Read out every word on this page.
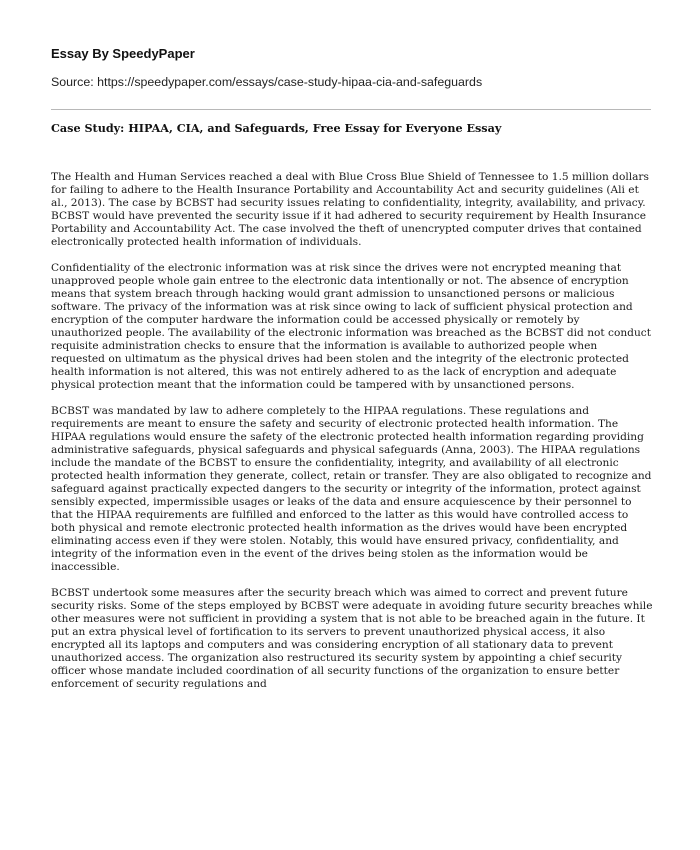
Essay By SpeedyPaper
Source: https://speedypaper.com/essays/case-study-hipaa-cia-and-safeguards
Case Study: HIPAA, CIA, and Safeguards, Free Essay for Everyone Essay

The Health and Human Services reached a deal with Blue Cross Blue Shield of Tennessee to 1.5 million dollars for failing to adhere to the Health Insurance Portability and Accountability Act and security guidelines (Ali et al., 2013). The case by BCBST had security issues relating to confidentiality, integrity, availability, and privacy. BCBST would have prevented the security issue if it had adhered to security requirement by Health Insurance Portability and Accountability Act. The case involved the theft of unencrypted computer drives that contained electronically protected health information of individuals.

Confidentiality of the electronic information was at risk since the drives were not encrypted meaning that unapproved people whole gain entree to the electronic data intentionally or not. The absence of encryption means that system breach through hacking would grant admission to unsanctioned persons or malicious software. The privacy of the information was at risk since owing to lack of sufficient physical protection and encryption of the computer hardware the information could be accessed physically or remotely by unauthorized people. The availability of the electronic information was breached as the BCBST did not conduct requisite administration checks to ensure that the information is available to authorized people when requested on ultimatum as the physical drives had been stolen and the integrity of the electronic protected health information is not altered, this was not entirely adhered to as the lack of encryption and adequate physical protection meant that the information could be tampered with by unsanctioned persons.

BCBST was mandated by law to adhere completely to the HIPAA regulations. These regulations and requirements are meant to ensure the safety and security of electronic protected health information. The HIPAA regulations would ensure the safety of the electronic protected health information regarding providing administrative safeguards, physical safeguards and physical safeguards (Anna, 2003). The HIPAA regulations include the mandate of the BCBST to ensure the confidentiality, integrity, and availability of all electronic protected health information they generate, collect, retain or transfer. They are also obligated to recognize and safeguard against practically expected dangers to the security or integrity of the information, protect against sensibly expected, impermissible usages or leaks of the data and ensure acquiescence by their personnel to that the HIPAA requirements are fulfilled and enforced to the latter as this would have controlled access to both physical and remote electronic protected health information as the drives would have been encrypted eliminating access even if they were stolen. Notably, this would have ensured privacy, confidentiality, and integrity of the information even in the event of the drives being stolen as the information would be inaccessible.

BCBST undertook some measures after the security breach which was aimed to correct and prevent future security risks. Some of the steps employed by BCBST were adequate in avoiding future security breaches while other measures were not sufficient in providing a system that is not able to be breached again in the future. It put an extra physical level of fortification to its servers to prevent unauthorized physical access, it also encrypted all its laptops and computers and was considering encryption of all stationary data to prevent unauthorized access. The organization also restructured its security system by appointing a chief security officer whose mandate included coordination of all security functions of the organization to ensure better enforcement of security regulations and
